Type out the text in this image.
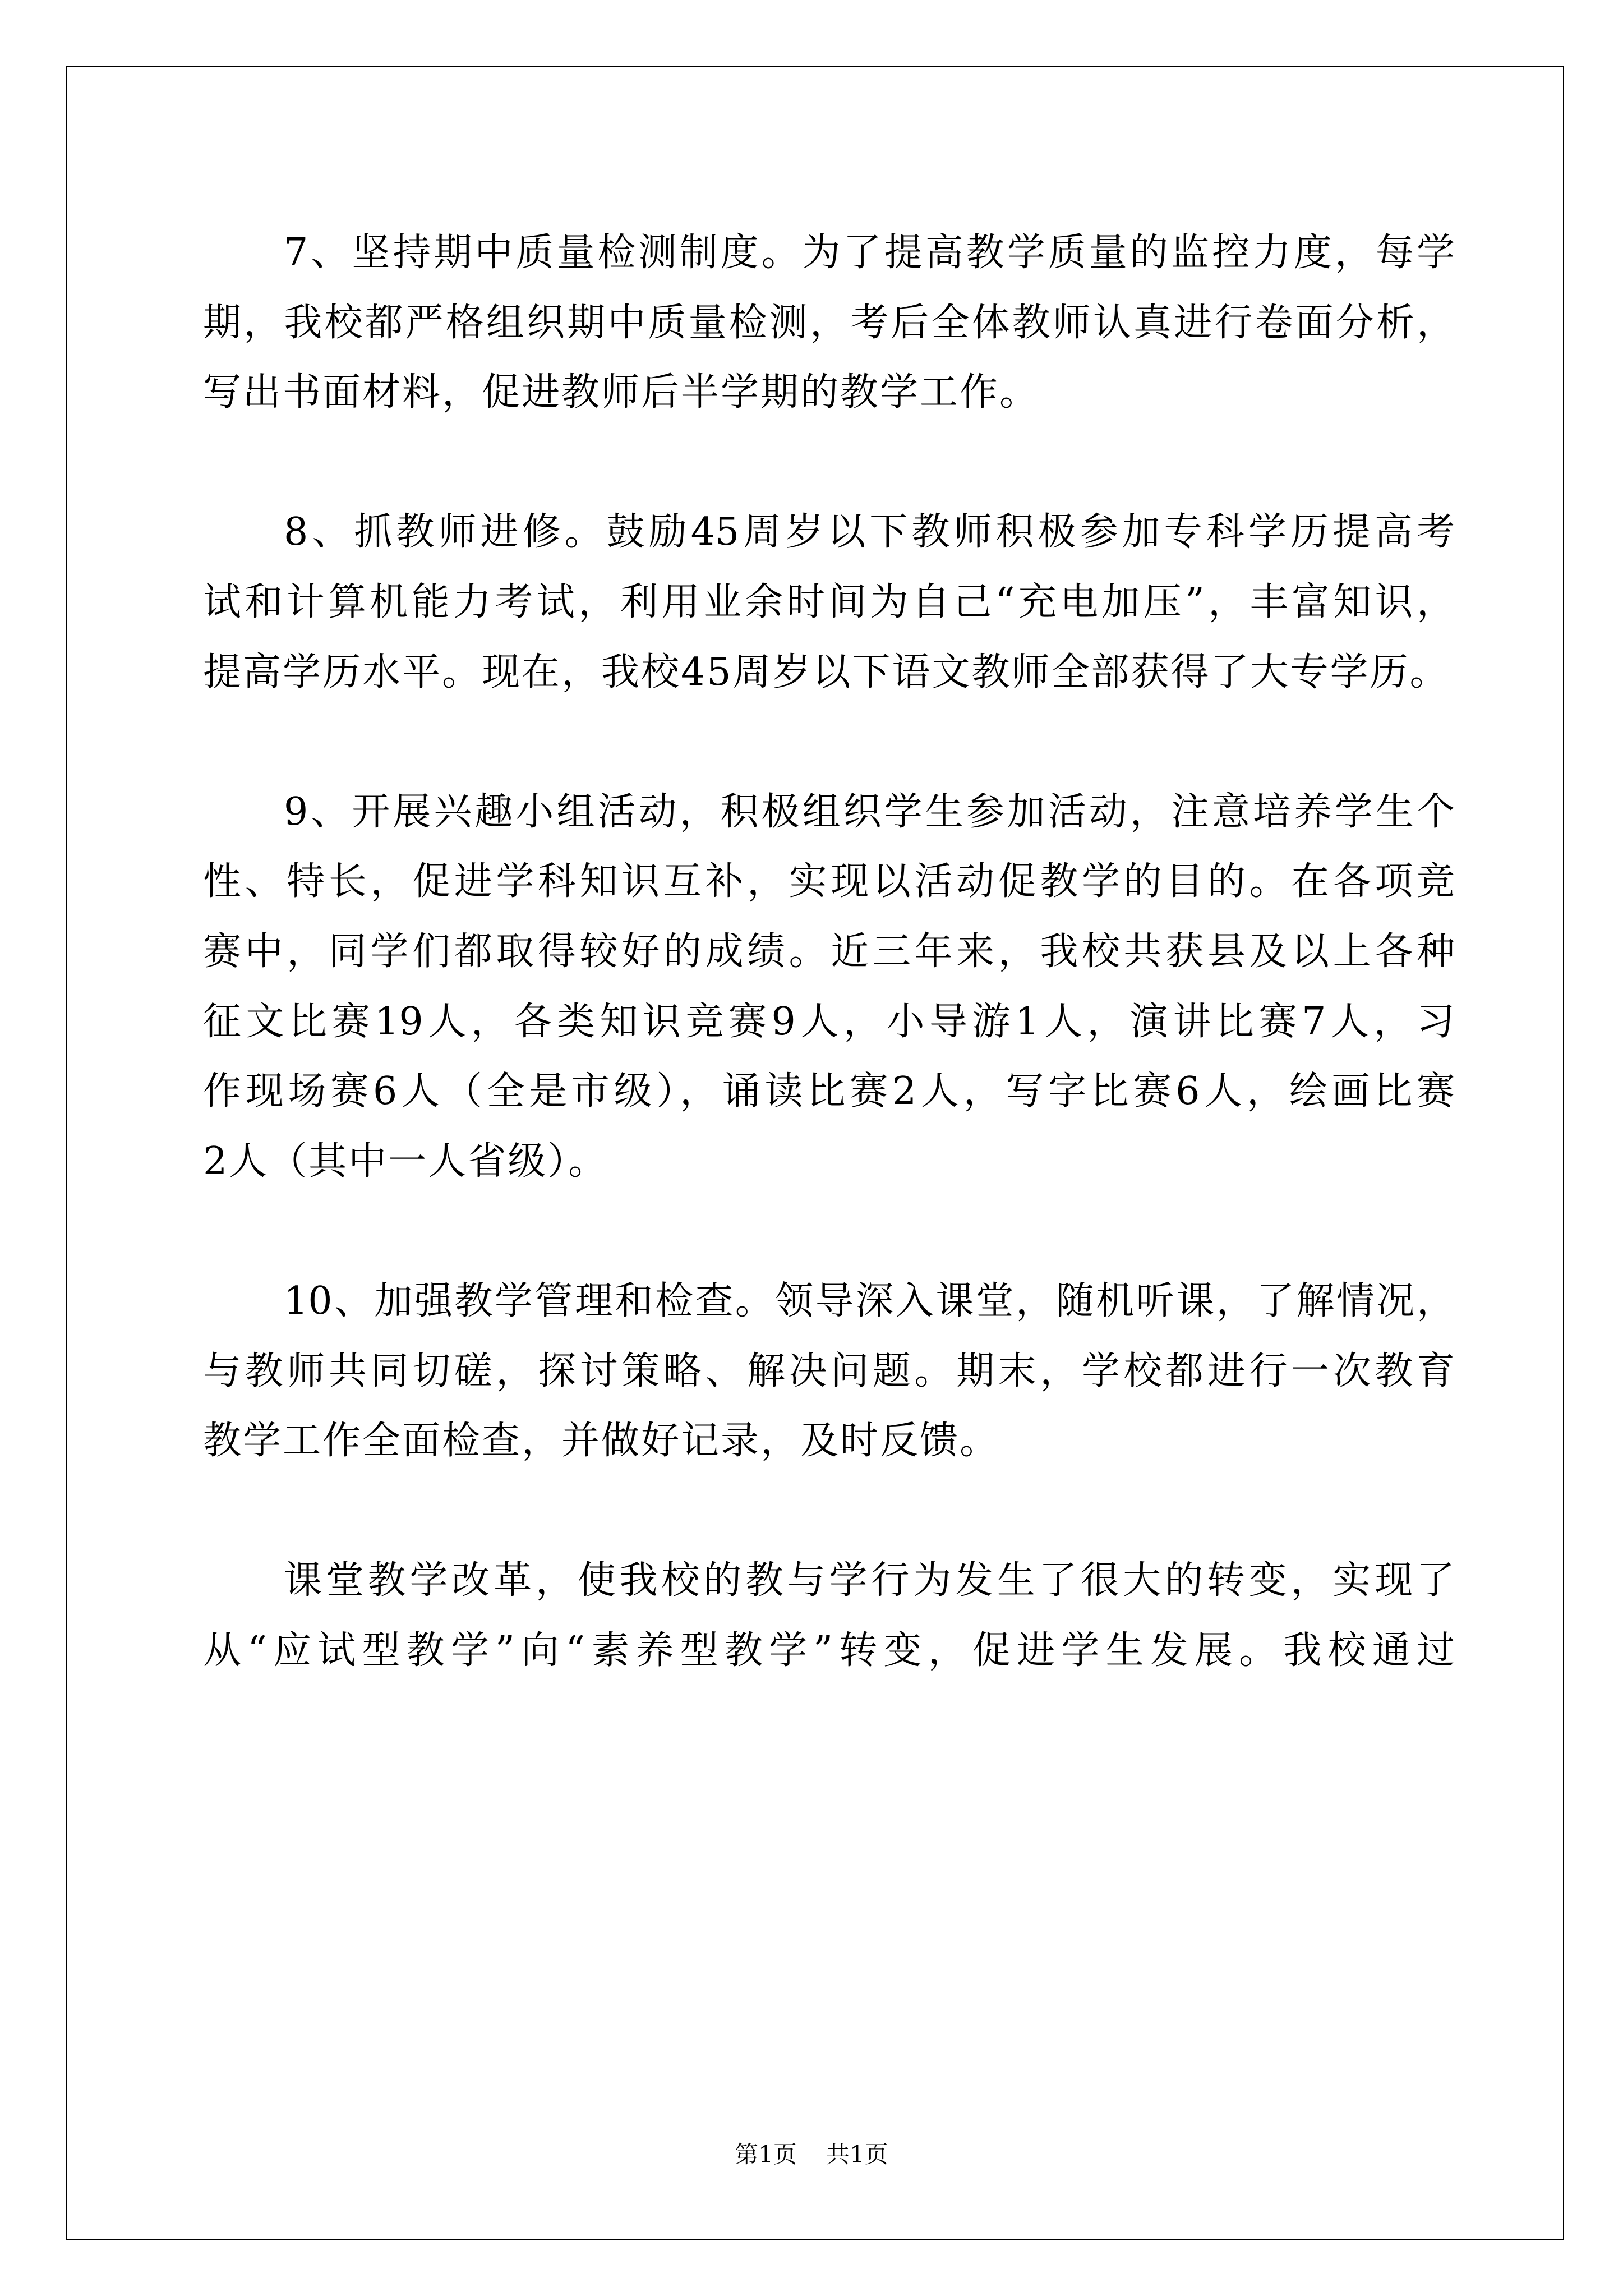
7、坚持期中质量检测制度。为了提高教学质量的监控力度，每学
期，我校都严格组织期中质量检测，考后全体教师认真进行卷面分析，
写出书面材料，促进教师后半学期的教学工作。
8、抓教师进修。鼓励45周岁以下教师积极参加专科学历提高考
试和计算机能力考试，利用业余时间为自己“充电加压”，丰富知识，
提高学历水平。现在，我校45周岁以下语文教师全部获得了大专学历。
9、开展兴趣小组活动，积极组织学生参加活动，注意培养学生个
性、特长，促进学科知识互补，实现以活动促教学的目的。在各项竞
赛中，同学们都取得较好的成绩。近三年来，我校共获县及以上各种
征文比赛19人，各类知识竞赛9人，小导游1人，演讲比赛7人，习
作现场赛6人（全是市级），诵读比赛2人，写字比赛6人，绘画比赛
2人（其中一人省级）。
10、加强教学管理和检查。领导深入课堂，随机听课，了解情况，
与教师共同切磋，探讨策略、解决问题。期末，学校都进行一次教育
教学工作全面检查，并做好记录，及时反馈。
课堂教学改革，使我校的教与学行为发生了很大的转变，实现了
从“应试型教学”向“素养型教学”转变，促进学生发展。我校通过
第1页 共1页
